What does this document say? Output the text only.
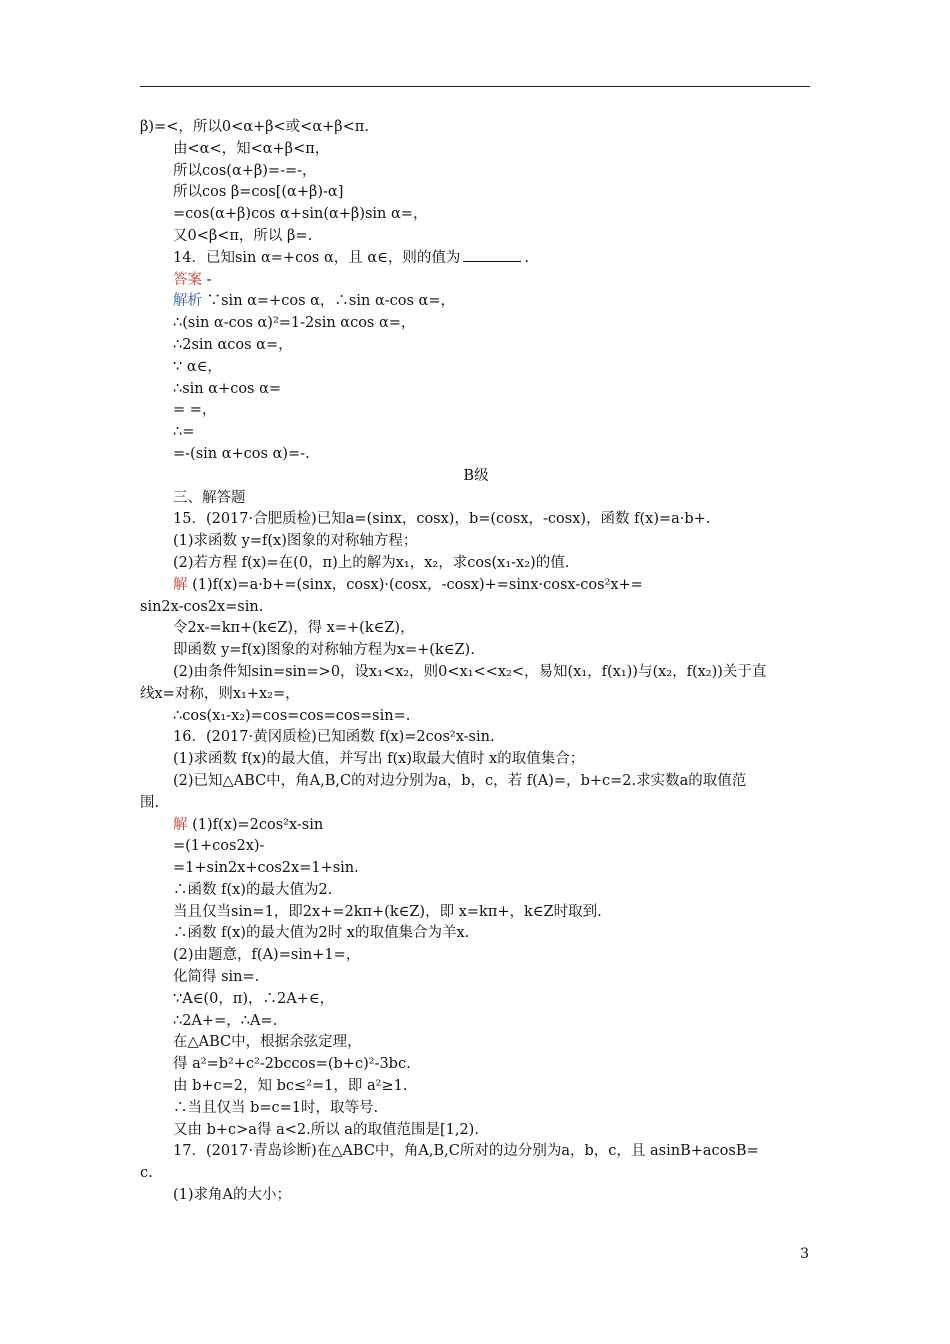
β)=<，所以0<α+β<或<α+β<π.
由<α<，知<α+β<π，
所以cos(α+β)=-=-，
所以cos β=cos[(α+β)-α]
=cos(α+β)cos α+sin(α+β)sin α=，
又0<β<π，所以 β=.
14．已知sin α=+cos α，且 α∈，则的值为	.
答案 -
解析 ∵sin α=+cos α，∴sin α-cos α=，
∴(sin α-cos α)²=1-2sin αcos α=，
∴2sin αcos α=，
∵ α∈，
∴sin α+cos α=
= =，
∴=
=-(sin α+cos α)=-.
B级
三、解答题
15．(2017·合肥质检)已知a=(sinx，cosx)，b=(cosx，-cosx)，函数 f(x)=a·b+.
(1)求函数 y=f(x)图象的对称轴方程；
(2)若方程 f(x)=在(0，π)上的解为x₁，x₂，求cos(x₁-x₂)的值.
解 (1)f(x)=a·b+=(sinx，cosx)·(cosx，-cosx)+=sinx·cosx-cos²x+=
sin2x-cos2x=sin.
令2x-=kπ+(k∈Z)，得 x=+(k∈Z)，
即函数 y=f(x)图象的对称轴方程为x=+(k∈Z).
(2)由条件知sin=sin=>0，设x₁<x₂，则0<x₁<<x₂<，易知(x₁，f(x₁))与(x₂，f(x₂))关于直
线x=对称，则x₁+x₂=，
∴cos(x₁-x₂)=cos=cos=cos=sin=.
16．(2017·黄冈质检)已知函数 f(x)=2cos²x-sin.
(1)求函数 f(x)的最大值，并写出 f(x)取最大值时 x的取值集合；
(2)已知△ABC中，角A,B,C的对边分别为a，b，c，若 f(A)=，b+c=2.求实数a的取值范
围.
解 (1)f(x)=2cos²x-sin
=(1+cos2x)-
=1+sin2x+cos2x=1+sin.
∴函数 f(x)的最大值为2.
当且仅当sin=1，即2x+=2kπ+(k∈Z)，即 x=kπ+，k∈Z时取到.
∴函数 f(x)的最大值为2时 x的取值集合为⽺x.
(2)由题意，f(A)=sin+1=，
化简得 sin=.
∵A∈(0，π)，∴2A+∈，
∴2A+=，∴A=.
在△ABC中，根据余弦定理，
得 a²=b²+c²-2bccos=(b+c)²-3bc.
由 b+c=2，知 bc≤²=1，即 a²≥1.
∴当且仅当 b=c=1时，取等号.
又由 b+c>a得 a<2.所以 a的取值范围是[1,2).
17．(2017·青岛诊断)在△ABC中，角A,B,C所对的边分别为a，b，c，且 asinB+acosB=
c.
(1)求角A的大小；
3
